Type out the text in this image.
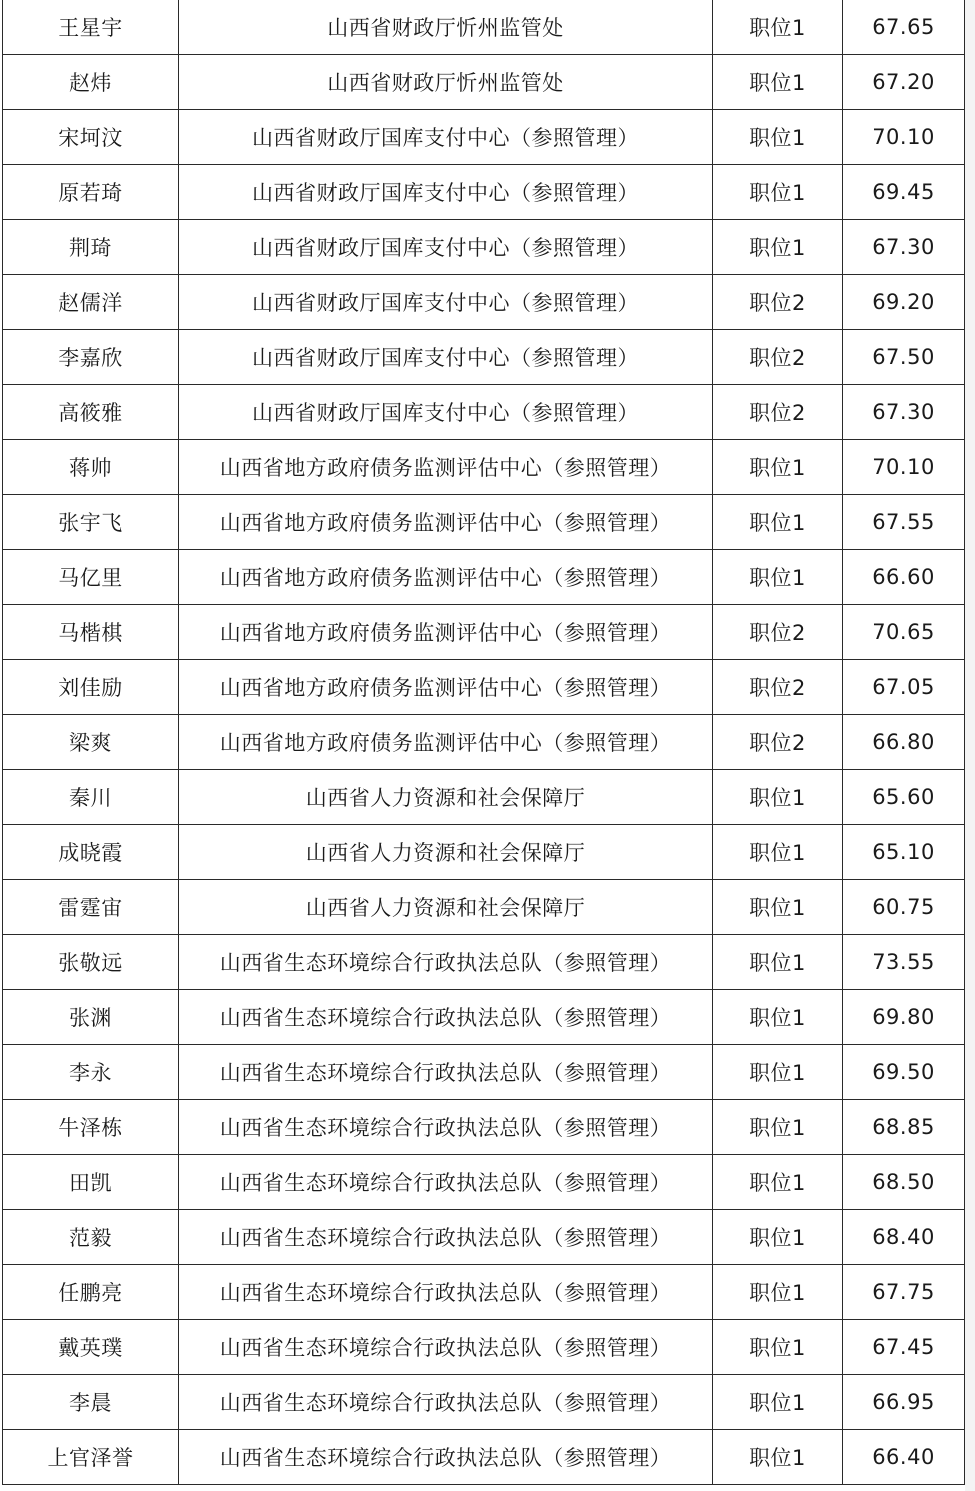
王星宇	山西省财政厅忻州监管处	职位1	67.65
赵炜	山西省财政厅忻州监管处	职位1	67.20
宋坷汶	山西省财政厅国库支付中心（参照管理）	职位1	70.10
原若琦	山西省财政厅国库支付中心（参照管理）	职位1	69.45
荆琦	山西省财政厅国库支付中心（参照管理）	职位1	67.30
赵儒洋	山西省财政厅国库支付中心（参照管理）	职位2	69.20
李嘉欣	山西省财政厅国库支付中心（参照管理）	职位2	67.50
高筱雅	山西省财政厅国库支付中心（参照管理）	职位2	67.30
蒋帅	山西省地方政府债务监测评估中心（参照管理）	职位1	70.10
张宇飞	山西省地方政府债务监测评估中心（参照管理）	职位1	67.55
马亿里	山西省地方政府债务监测评估中心（参照管理）	职位1	66.60
马楷棋	山西省地方政府债务监测评估中心（参照管理）	职位2	70.65
刘佳励	山西省地方政府债务监测评估中心（参照管理）	职位2	67.05
梁爽	山西省地方政府债务监测评估中心（参照管理）	职位2	66.80
秦川	山西省人力资源和社会保障厅	职位1	65.60
成晓霞	山西省人力资源和社会保障厅	职位1	65.10
雷霆宙	山西省人力资源和社会保障厅	职位1	60.75
张敬远	山西省生态环境综合行政执法总队（参照管理）	职位1	73.55
张渊	山西省生态环境综合行政执法总队（参照管理）	职位1	69.80
李永	山西省生态环境综合行政执法总队（参照管理）	职位1	69.50
牛泽栋	山西省生态环境综合行政执法总队（参照管理）	职位1	68.85
田凯	山西省生态环境综合行政执法总队（参照管理）	职位1	68.50
范毅	山西省生态环境综合行政执法总队（参照管理）	职位1	68.40
任鹏亮	山西省生态环境综合行政执法总队（参照管理）	职位1	67.75
戴英璞	山西省生态环境综合行政执法总队（参照管理）	职位1	67.45
李晨	山西省生态环境综合行政执法总队（参照管理）	职位1	66.95
上官泽誉	山西省生态环境综合行政执法总队（参照管理）	职位1	66.40
